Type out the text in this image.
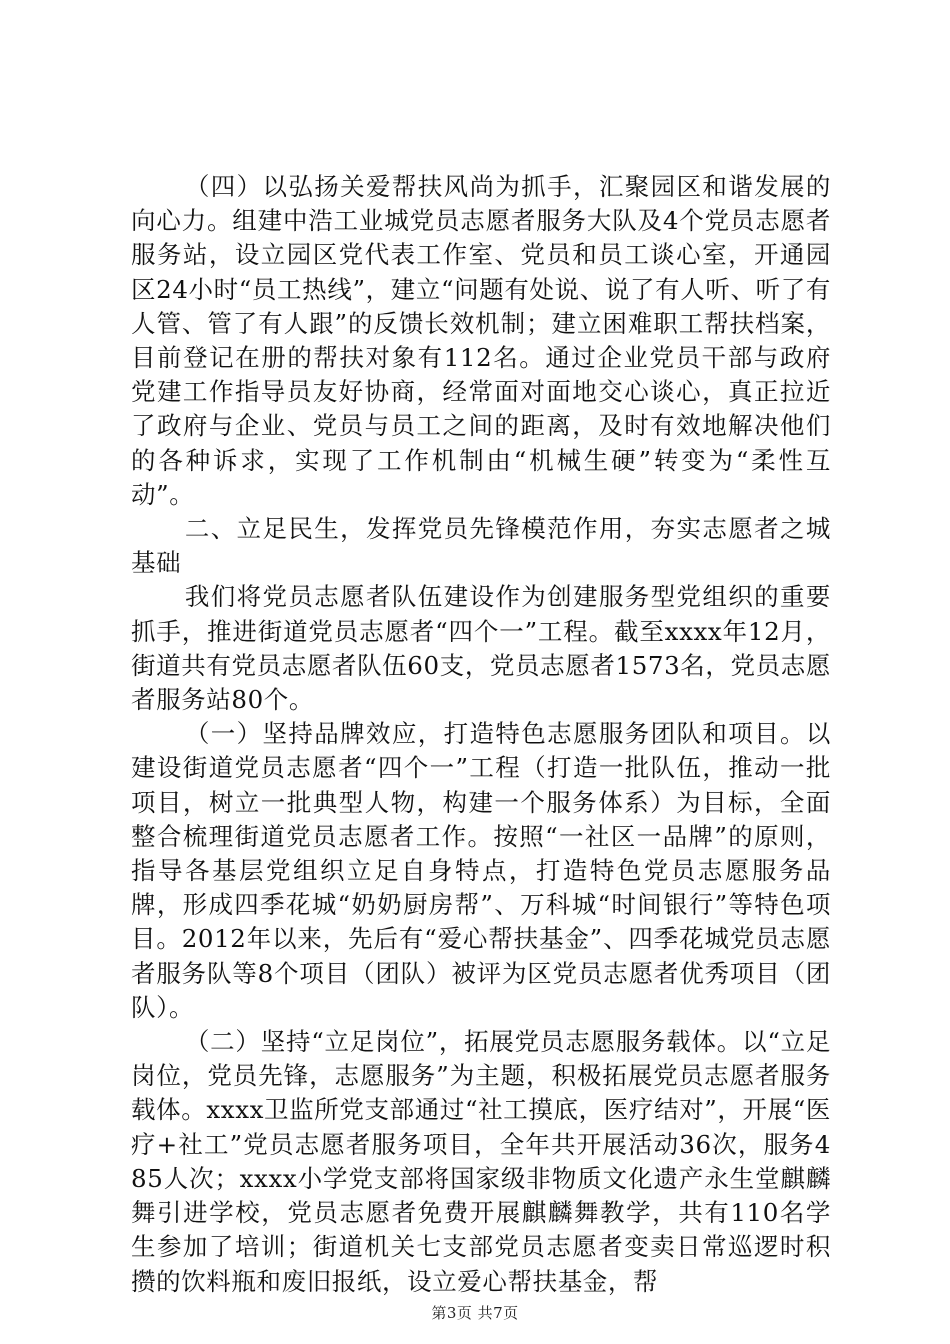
（四）以弘扬关爱帮扶风尚为抓手，汇聚园区和谐发展的向心力。组建中浩工业城党员志愿者服务大队及4个党员志愿者服务站，设立园区党代表工作室、党员和员工谈心室，开通园区24小时“员工热线”，建立“问题有处说、说了有人听、听了有人管、管了有人跟”的反馈长效机制；建立困难职工帮扶档案，目前登记在册的帮扶对象有112名。通过企业党员干部与政府党建工作指导员友好协商，经常面对面地交心谈心，真正拉近了政府与企业、党员与员工之间的距离，及时有效地解决他们的各种诉求，实现了工作机制由“机械生硬”转变为“柔性互动”。

二、立足民生，发挥党员先锋模范作用，夯实志愿者之城基础

我们将党员志愿者队伍建设作为创建服务型党组织的重要抓手，推进街道党员志愿者“四个一”工程。截至xxxx年12月，街道共有党员志愿者队伍60支，党员志愿者1573名，党员志愿者服务站80个。

（一）坚持品牌效应，打造特色志愿服务团队和项目。以建设街道党员志愿者“四个一”工程（打造一批队伍，推动一批项目，树立一批典型人物，构建一个服务体系）为目标，全面整合梳理街道党员志愿者工作。按照“一社区一品牌”的原则，指导各基层党组织立足自身特点，打造特色党员志愿服务品牌，形成四季花城“奶奶厨房帮”、万科城“时间银行”等特色项目。2012年以来，先后有“爱心帮扶基金”、四季花城党员志愿者服务队等8个项目（团队）被评为区党员志愿者优秀项目（团队）。

（二）坚持“立足岗位”，拓展党员志愿服务载体。以“立足岗位，党员先锋，志愿服务”为主题，积极拓展党员志愿者服务载体。xxxx卫监所党支部通过“社工摸底，医疗结对”，开展“医疗+社工”党员志愿者服务项目，全年共开展活动36次，服务485人次；xxxx小学党支部将国家级非物质文化遗产永生堂麒麟舞引进学校，党员志愿者免费开展麒麟舞教学，共有110名学生参加了培训；街道机关七支部党员志愿者变卖日常巡逻时积攒的饮料瓶和废旧报纸，设立爱心帮扶基金，帮

第3页 共7页
